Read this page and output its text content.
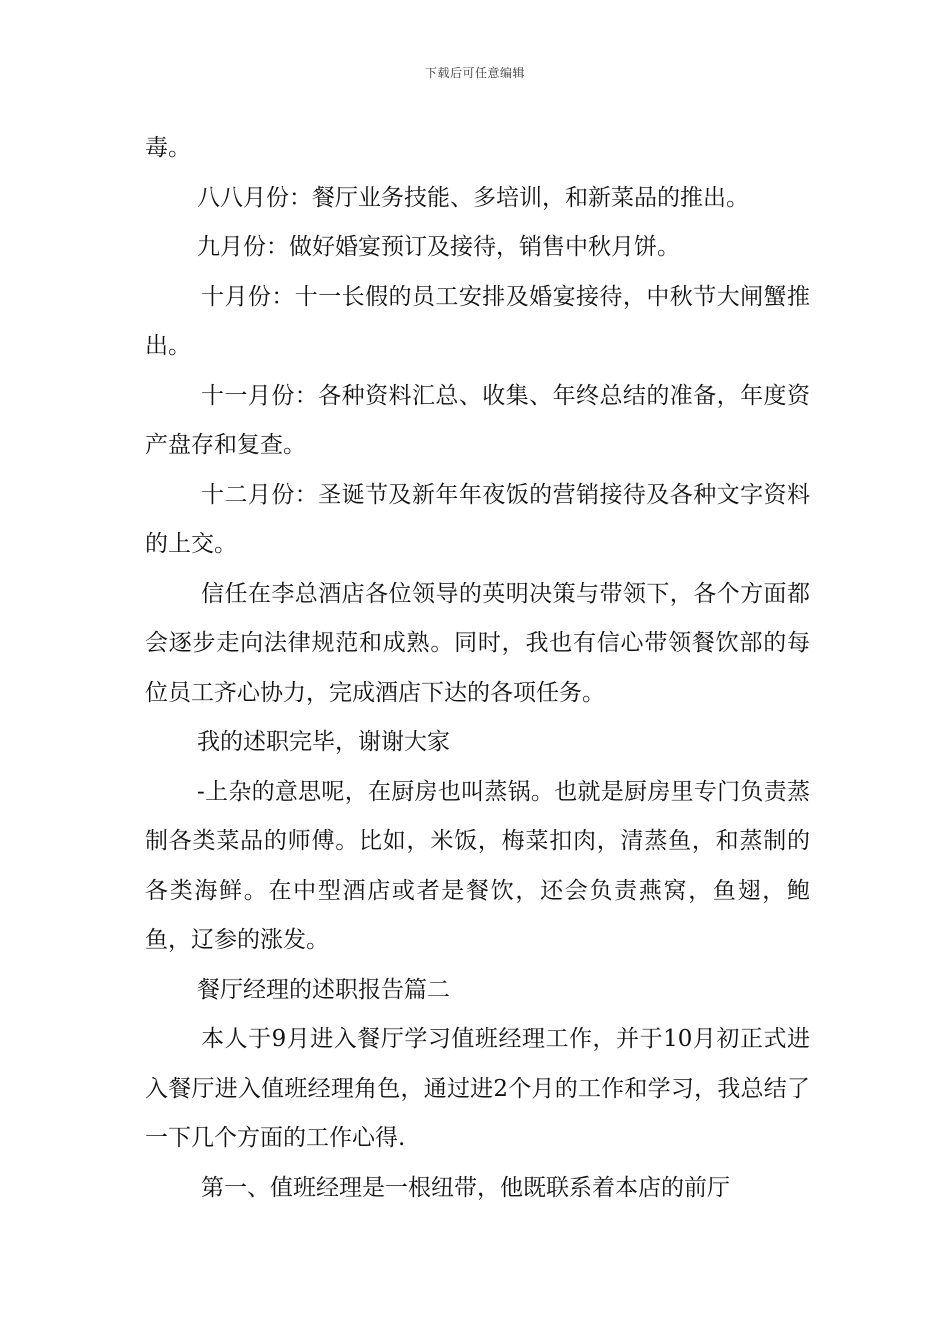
下载后可任意编辑

毒。

八八月份：餐厅业务技能、多培训，和新菜品的推出。

九月份：做好婚宴预订及接待，销售中秋月饼。

十月份：十一长假的员工安排及婚宴接待，中秋节大闸蟹推出。

十一月份：各种资料汇总、收集、年终总结的准备，年度资产盘存和复查。

十二月份：圣诞节及新年年夜饭的营销接待及各种文字资料的上交。

信任在李总酒店各位领导的英明决策与带领下，各个方面都会逐步走向法律规范和成熟。同时，我也有信心带领餐饮部的每位员工齐心协力，完成酒店下达的各项任务。

我的述职完毕，谢谢大家

-上杂的意思呢，在厨房也叫蒸锅。也就是厨房里专门负责蒸制各类菜品的师傅。比如，米饭，梅菜扣肉，清蒸鱼，和蒸制的各类海鲜。在中型酒店或者是餐饮，还会负责燕窝，鱼翅，鲍鱼，辽参的涨发。

餐厅经理的述职报告篇二

本人于9月进入餐厅学习值班经理工作，并于10月初正式进入餐厅进入值班经理角色，通过进2个月的工作和学习，我总结了一下几个方面的工作心得.

第一、值班经理是一根纽带，他既联系着本店的前厅
